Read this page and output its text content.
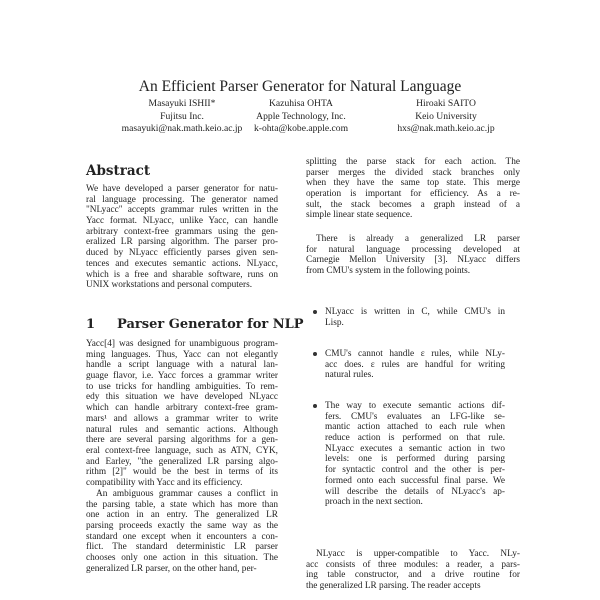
An Efficient Parser Generator for Natural Language
Masayuki ISHII*
Fujitsu Inc.
masayuki@nak.math.keio.ac.jp
Kazuhisa OHTA
Apple Technology, Inc.
k-ohta@kobe.apple.com
Hiroaki SAITO
Keio University
hxs@nak.math.keio.ac.jp
Abstract
We have developed a parser generator for natu-
ral language processing. The generator named
"NLyacc" accepts grammar rules written in the
Yacc format. NLyacc, unlike Yacc, can handle
arbitrary context-free grammars using the gen-
eralized LR parsing algorithm. The parser pro-
duced by NLyacc efficiently parses given sen-
tences and executes semantic actions. NLyacc,
which is a free and sharable software, runs on
UNIX workstations and personal computers.
1 Parser Generator for NLP
Yacc[4] was designed for unambiguous program-
ming languages. Thus, Yacc can not elegantly
handle a script language with a natural lan-
guage flavor, i.e. Yacc forces a grammar writer
to use tricks for handling ambiguities. To rem-
edy this situation we have developed NLyacc
which can handle arbitrary context-free gram-
mars¹ and allows a grammar writer to write
natural rules and semantic actions. Although
there are several parsing algorithms for a gen-
eral context-free language, such as ATN, CYK,
and Earley, "the generalized LR parsing algo-
rithm [2]" would be the best in terms of its
compatibility with Yacc and its efficiency.
An ambiguous grammar causes a conflict in
the parsing table, a state which has more than
one action in an entry. The generalized LR
parsing proceeds exactly the same way as the
standard one except when it encounters a con-
flict. The standard deterministic LR parser
chooses only one action in this situation. The
generalized LR parser, on the other hand, per-
splitting the parse stack for each action. The
parser merges the divided stack branches only
when they have the same top state. This merge
operation is important for efficiency. As a re-
sult, the stack becomes a graph instead of a
simple linear state sequence.
There is already a generalized LR parser
for natural language processing developed at
Carnegie Mellon University [3]. NLyacc differs
from CMU's system in the following points.
NLyacc is written in C, while CMU's in
Lisp.
CMU's cannot handle ε rules, while NLy-
acc does. ε rules are handful for writing
natural rules.
The way to execute semantic actions dif-
fers. CMU's evaluates an LFG-like se-
mantic action attached to each rule when
reduce action is performed on that rule.
NLyacc executes a semantic action in two
levels: one is performed during parsing
for syntactic control and the other is per-
formed onto each successful final parse. We
will describe the details of NLyacc's ap-
proach in the next section.
NLyacc is upper-compatible to Yacc. NLy-
acc consists of three modules: a reader, a pars-
ing table constructor, and a drive routine for
the generalized LR parsing. The reader accepts
